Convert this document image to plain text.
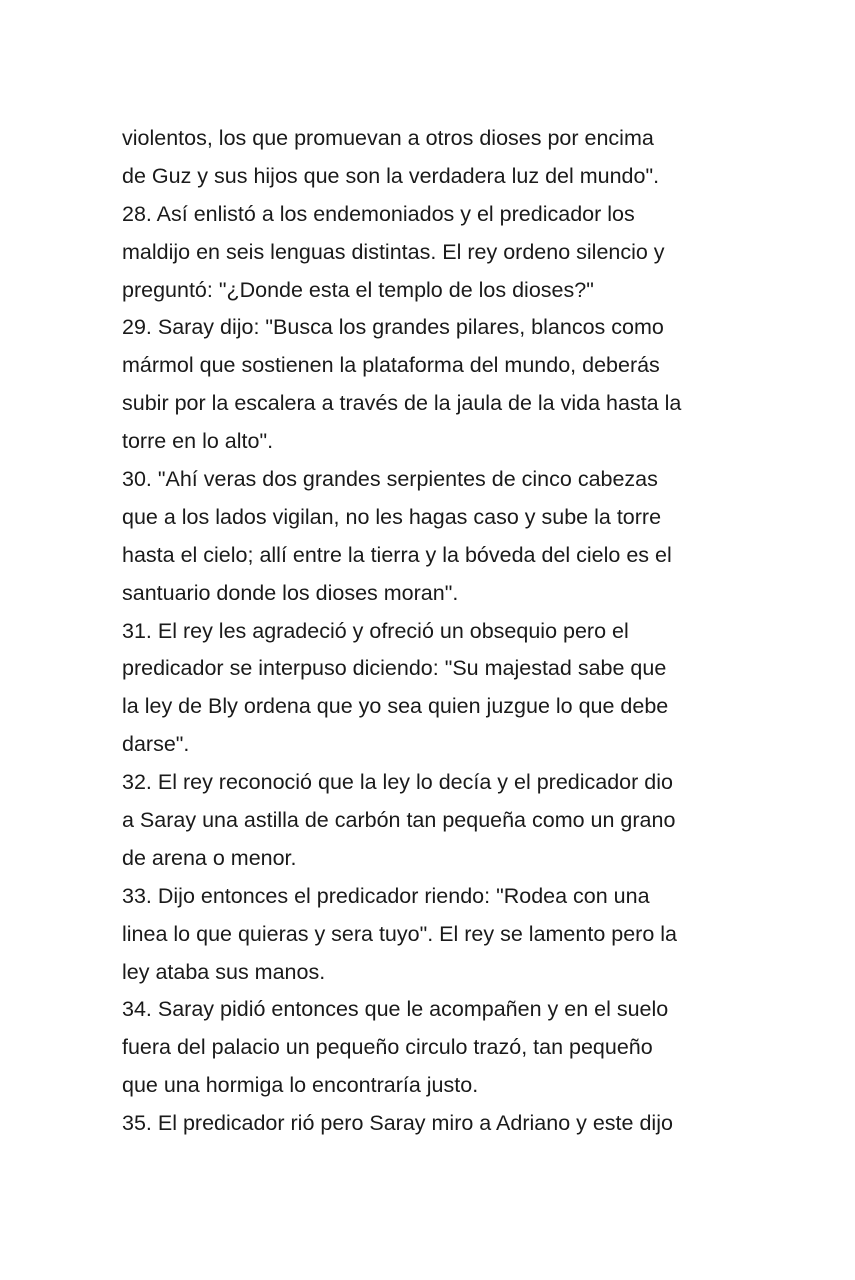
violentos, los que promuevan a otros dioses por encima
de Guz y sus hijos que son la verdadera luz del mundo".
28. Así enlistó a los endemoniados y el predicador los
maldijo en seis lenguas distintas. El rey ordeno silencio y
preguntó: "¿Donde esta el templo de los dioses?"
29. Saray dijo: "Busca los grandes pilares, blancos como
mármol que sostienen la plataforma del mundo, deberás
subir por la escalera a través de la jaula de la vida hasta la
torre en lo alto".
30. "Ahí veras dos grandes serpientes de cinco cabezas
que a los lados vigilan, no les hagas caso y sube la torre
hasta el cielo; allí entre la tierra y la bóveda del cielo es el
santuario donde los dioses moran".
31. El rey les agradeció y ofreció un obsequio pero el
predicador se interpuso diciendo: "Su majestad sabe que
la ley de Bly ordena que yo sea quien juzgue lo que debe
darse".
32. El rey reconoció que la ley lo decía y el predicador dio
a Saray una astilla de carbón tan pequeña como un grano
de arena o menor.
33. Dijo entonces el predicador riendo: "Rodea con una
linea lo que quieras y sera tuyo". El rey se lamento pero la
ley ataba sus manos.
34. Saray pidió entonces que le acompañen y en el suelo
fuera del palacio un pequeño circulo trazó, tan pequeño
que una hormiga lo encontraría justo.
35. El predicador rió pero Saray miro a Adriano y este dijo
